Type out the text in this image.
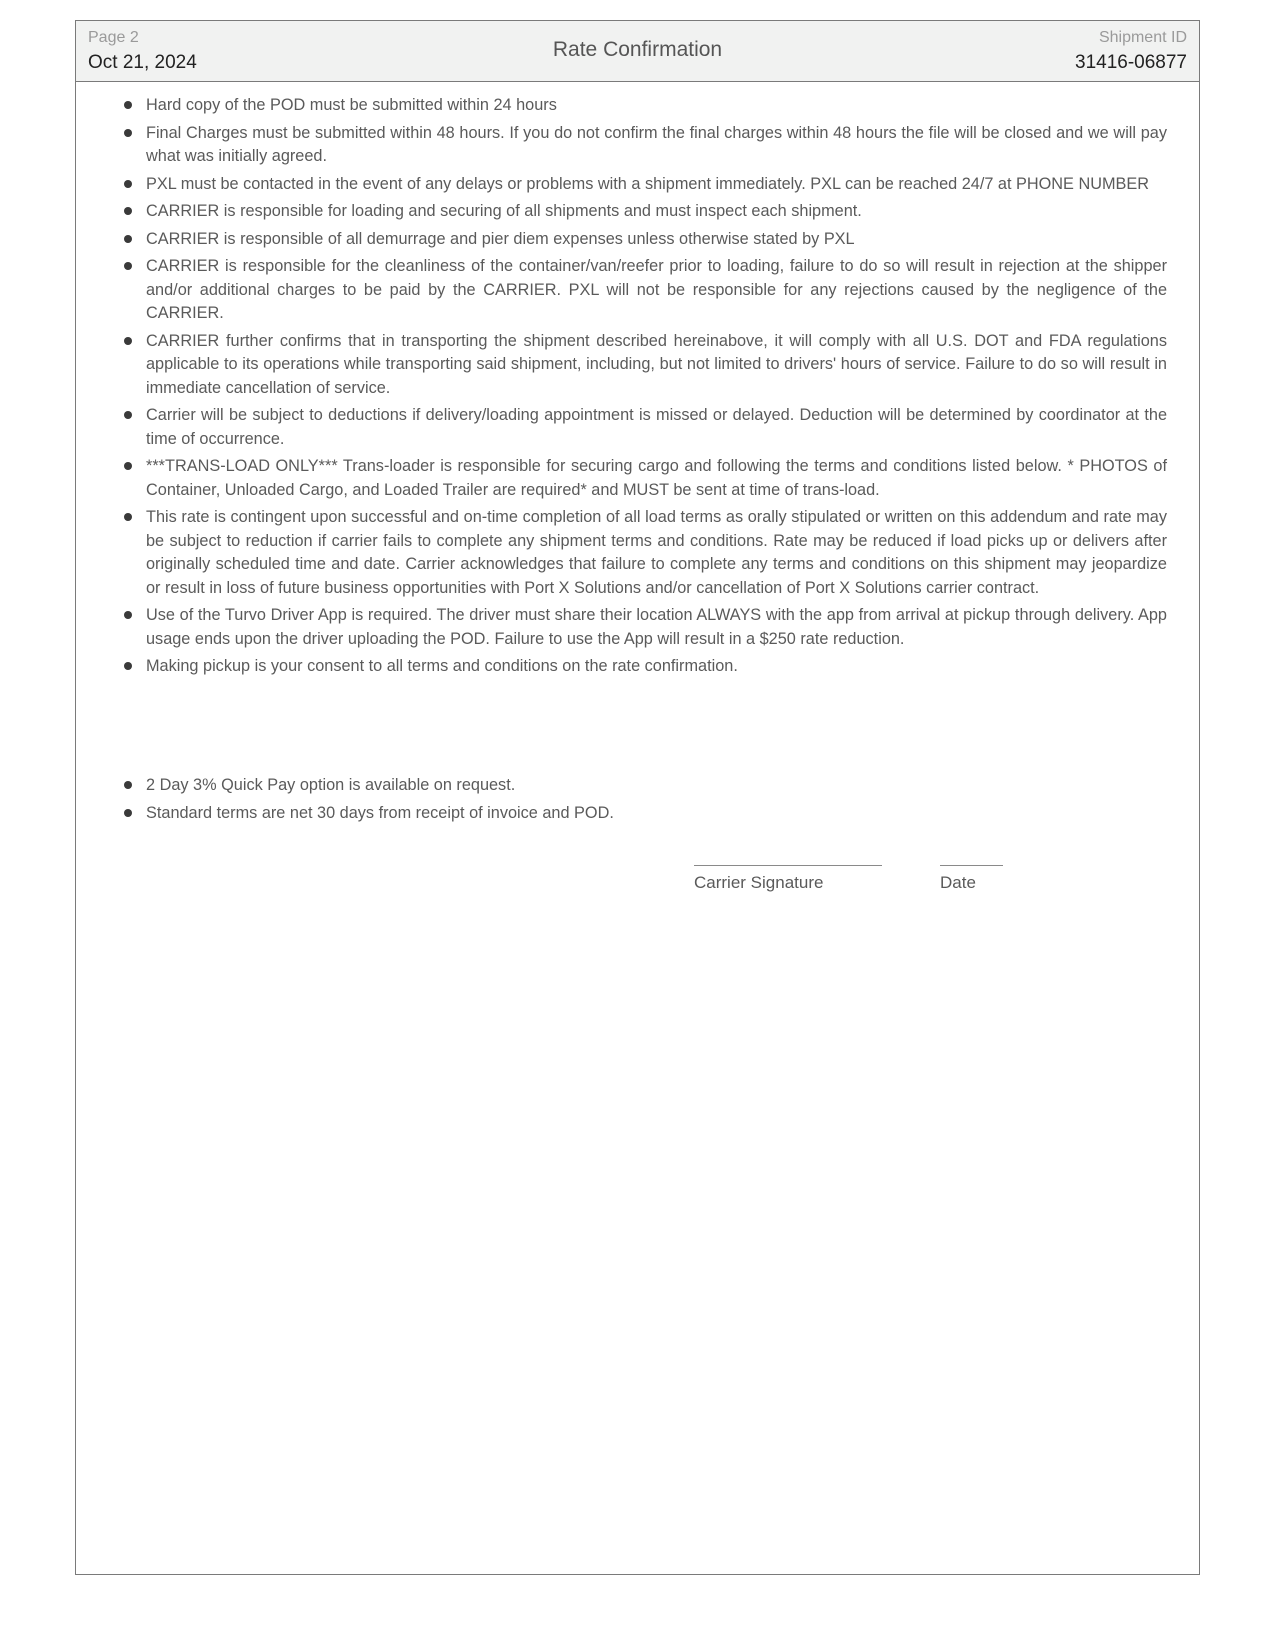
Page 2
Oct 21, 2024
Rate Confirmation
Shipment ID
31416-06877
Hard copy of the POD must be submitted within 24 hours
Final Charges must be submitted within 48 hours. If you do not confirm the final charges within 48 hours the file will be closed and we will pay what was initially agreed.
PXL must be contacted in the event of any delays or problems with a shipment immediately. PXL can be reached 24/7 at PHONE NUMBER
CARRIER is responsible for loading and securing of all shipments and must inspect each shipment.
CARRIER is responsible of all demurrage and pier diem expenses unless otherwise stated by PXL
CARRIER is responsible for the cleanliness of the container/van/reefer prior to loading, failure to do so will result in rejection at the shipper and/or additional charges to be paid by the CARRIER. PXL will not be responsible for any rejections caused by the negligence of the CARRIER.
CARRIER further confirms that in transporting the shipment described hereinabove, it will comply with all U.S. DOT and FDA regulations applicable to its operations while transporting said shipment, including, but not limited to drivers' hours of service. Failure to do so will result in immediate cancellation of service.
Carrier will be subject to deductions if delivery/loading appointment is missed or delayed. Deduction will be determined by coordinator at the time of occurrence.
***TRANS-LOAD ONLY*** Trans-loader is responsible for securing cargo and following the terms and conditions listed below. * PHOTOS of Container, Unloaded Cargo, and Loaded Trailer are required* and MUST be sent at time of trans-load.
This rate is contingent upon successful and on-time completion of all load terms as orally stipulated or written on this addendum and rate may be subject to reduction if carrier fails to complete any shipment terms and conditions. Rate may be reduced if load picks up or delivers after originally scheduled time and date. Carrier acknowledges that failure to complete any terms and conditions on this shipment may jeopardize or result in loss of future business opportunities with Port X Solutions and/or cancellation of Port X Solutions carrier contract.
Use of the Turvo Driver App is required. The driver must share their location ALWAYS with the app from arrival at pickup through delivery. App usage ends upon the driver uploading the POD. Failure to use the App will result in a $250 rate reduction.
Making pickup is your consent to all terms and conditions on the rate confirmation.
2 Day 3% Quick Pay option is available on request.
Standard terms are net 30 days from receipt of invoice and POD.
Carrier Signature	Date
